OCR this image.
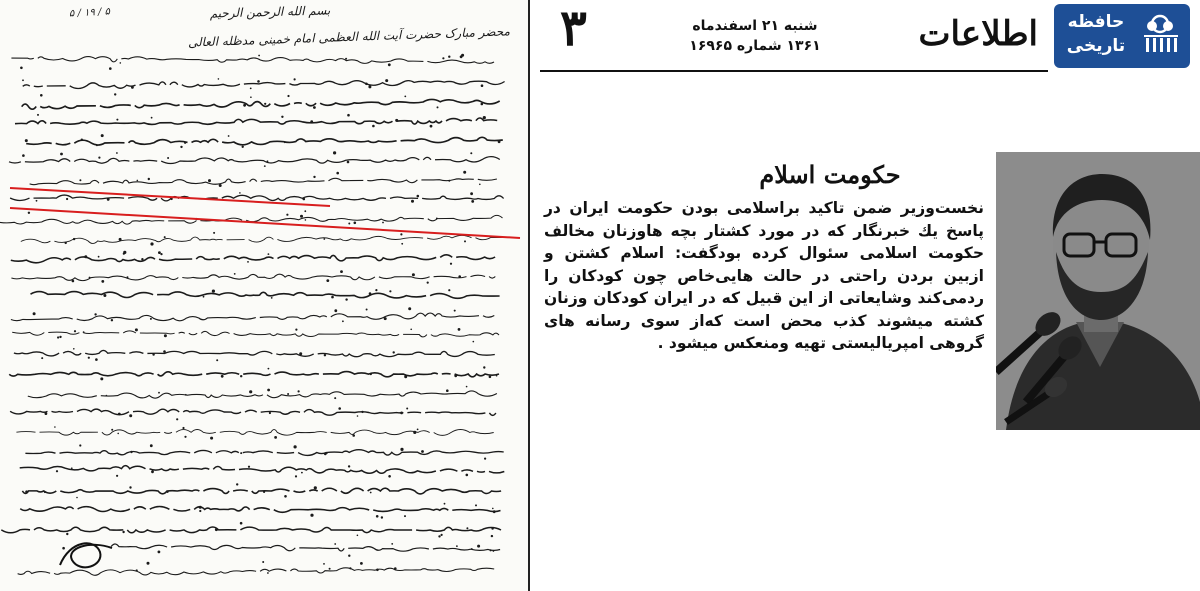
۵ / ۱۹ / ۵	بسم الله الرحمن الرحیم
محضر مبارک حضرت آیت الله العظمی امام خمینی مدظله العالی ۳	شنبه ۲۱ اسفندماه
۱۳۶۱ شماره ۱۶۹۶۵	اطلاعات	حافظه
تاریخی
حکومت اسلام
نخست‌وزیر ضمن تاکید براسلامی بودن حکومت ایران در پاسخ یك خبرنگار که در مورد کشتار بچه هاوزنان مخالف حکومت اسلامی سئوال کرده بودگفت: اسلام کشتن و ازبین بردن راحتی در حالت هایی‌خاص چون کودکان را ردمی‌کند وشایعاتی از این قبیل که در ایران کودکان وزنان کشته میشوند کذب محض است که‌از سوی رسانه های گروهی امپریالیستی تهیه ومنعکس میشود .
